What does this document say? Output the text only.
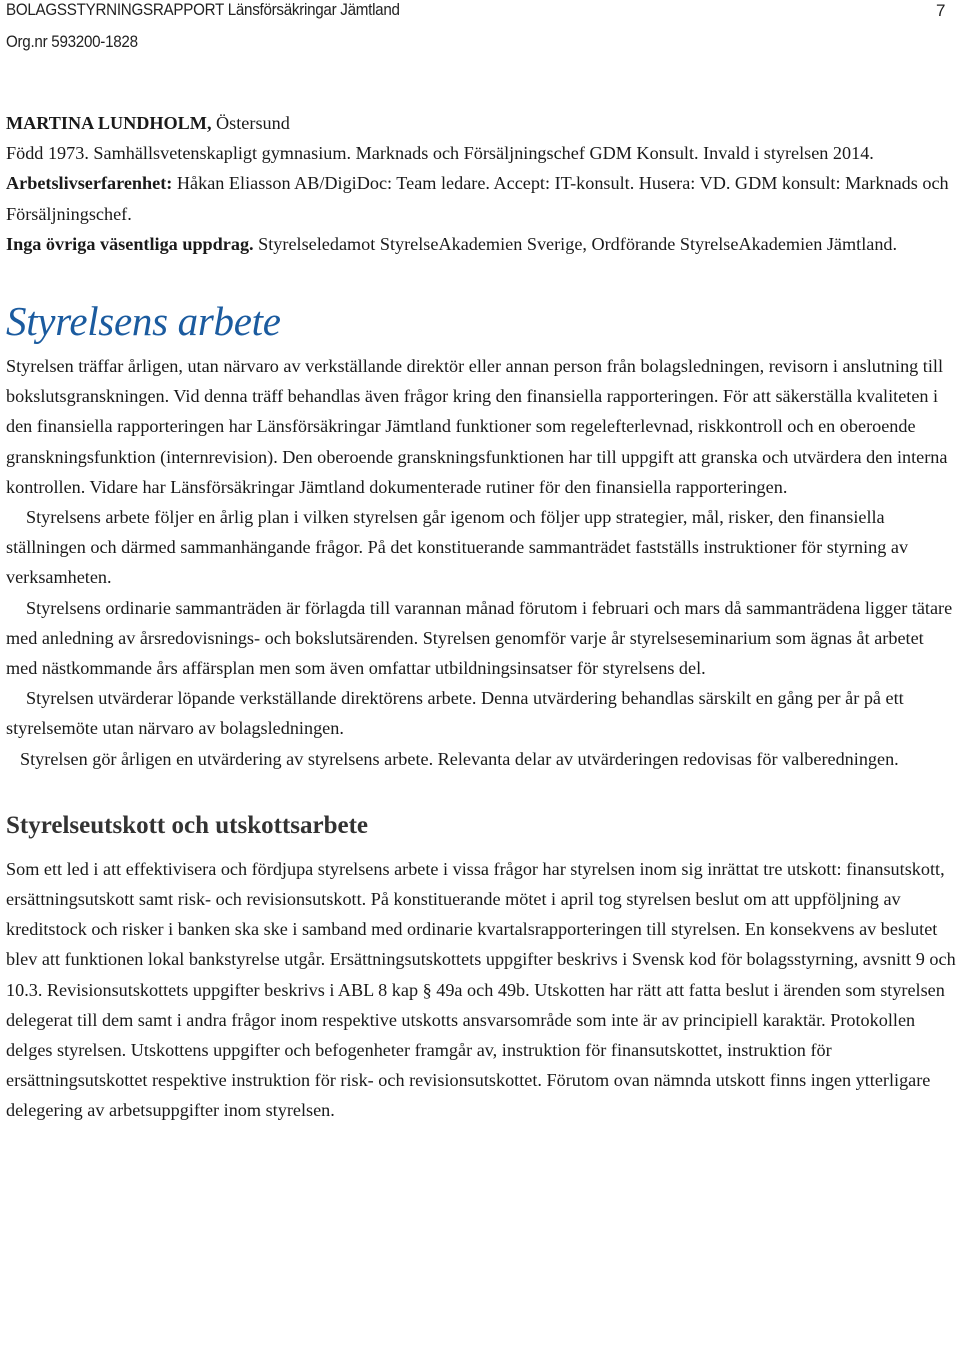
BOLAGSSTYRNINGSRAPPORT Länsförsäkringar Jämtland
Org.nr 593200-1828
7

MARTINA LUNDHOLM, Östersund

Född 1973. Samhällsvetenskapligt gymnasium. Marknads och Försäljningschef GDM Konsult. Invald i styrelsen 2014.

Arbetslivserfarenhet: Håkan Eliasson AB/DigiDoc: Team ledare. Accept: IT-konsult. Husera: VD. GDM konsult: Marknads och Försäljningschef.

Inga övriga väsentliga uppdrag. Styrelseledamot StyrelseAkademien Sverige, Ordförande StyrelseAkademien Jämtland.

Styrelsens arbete

Styrelsen träffar årligen, utan närvaro av verkställande direktör eller annan person från bolagsledningen, revisorn i anslutning till bokslutsgranskningen. Vid denna träff behandlas även frågor kring den finansiella rapporteringen. För att säkerställa kvaliteten i den finansiella rapporteringen har Länsförsäkringar Jämtland funktioner som regelefterlevnad, riskkontroll och en oberoende granskningsfunktion (internrevision). Den oberoende granskningsfunktionen har till uppgift att granska och utvärdera den interna kontrollen. Vidare har Länsförsäkringar Jämtland dokumenterade rutiner för den finansiella rapporteringen.

Styrelsens arbete följer en årlig plan i vilken styrelsen går igenom och följer upp strategier, mål, risker, den finansiella ställningen och därmed sammanhängande frågor. På det konstituerande sammanträdet fastställs instruktioner för styrning av verksamheten.

Styrelsens ordinarie sammanträden är förlagda till varannan månad förutom i februari och mars då sammanträdena ligger tätare med anledning av årsredovisnings- och bokslutsärenden. Styrelsen genomför varje år styrelseseminarium som ägnas åt arbetet med nästkommande års affärsplan men som även omfattar utbildningsinsatser för styrelsens del.

Styrelsen utvärderar löpande verkställande direktörens arbete. Denna utvärdering behandlas särskilt en gång per år på ett styrelsemöte utan närvaro av bolagsledningen.

Styrelsen gör årligen en utvärdering av styrelsens arbete. Relevanta delar av utvärderingen redovisas för valberedningen.

Styrelseutskott och utskottsarbete

Som ett led i att effektivisera och fördjupa styrelsens arbete i vissa frågor har styrelsen inom sig inrättat tre utskott: finansutskott, ersättningsutskott samt risk- och revisionsutskott. På konstituerande mötet i april tog styrelsen beslut om att uppföljning av kreditstock och risker i banken ska ske i samband med ordinarie kvartalsrapporteringen till styrelsen. En konsekvens av beslutet blev att funktionen lokal bankstyrelse utgår. Ersättningsutskottets uppgifter beskrivs i Svensk kod för bolagsstyrning, avsnitt 9 och 10.3. Revisionsutskottets uppgifter beskrivs i ABL 8 kap § 49a och 49b. Utskotten har rätt att fatta beslut i ärenden som styrelsen delegerat till dem samt i andra frågor inom respektive utskotts ansvarsområde som inte är av principiell karaktär. Protokollen delges styrelsen. Utskottens uppgifter och befogenheter framgår av, instruktion för finansutskottet, instruktion för ersättningsutskottet respektive instruktion för risk- och revisionsutskottet. Förutom ovan nämnda utskott finns ingen ytterligare delegering av arbetsuppgifter inom styrelsen.
